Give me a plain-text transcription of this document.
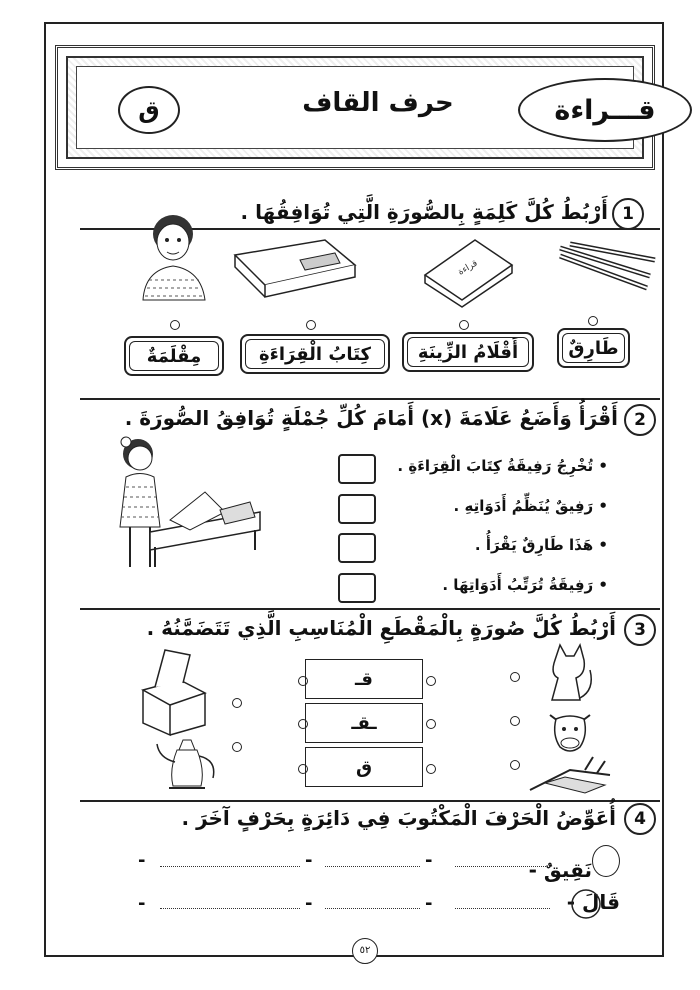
ق	حرف القاف	قـــراءة
1
أَرْبُطُ كُلَّ كَلِمَةٍ بِالصُّورَةِ الَّتِي تُوَافِقُهَا .
قراءة
مِقْلَمَةٌ	كِتَابُ الْقِرَاءَةِ	أَقْلَامُ الزِّينَةِ	طَارِقٌ
2
أَقْرَأُ وَأَضَعُ عَلَامَةَ (x) أَمَامَ كُلِّ جُمْلَةٍ تُوَافِقُ الصُّورَةَ .
• تُخْرِجُ رَفِيقَةُ كِتَابَ الْقِرَاءَةِ .
• رَفِيقٌ يُنَظِّمُ أَدَوَاتِهِ .
• هَذَا طَارِقٌ يَقْرَأُ .
• رَفِيقَةُ تُرَتِّبُ أَدَوَاتِهَا .
3
أَرْبُطُ كُلَّ صُورَةٍ بِالْمَقْطَعِ الْمُنَاسِبِ الَّذِي تَتَضَمَّنُهُ .
قـ
ـقـ
ق
4
أُعَوِّضُ الْحَرْفَ الْمَكْتُوبَ فِي دَائِرَةٍ بِحَرْفٍ آخَرَ .
نَقِيقٌ -
-
-
-
قَالَ -
-
-
-
٥٢
